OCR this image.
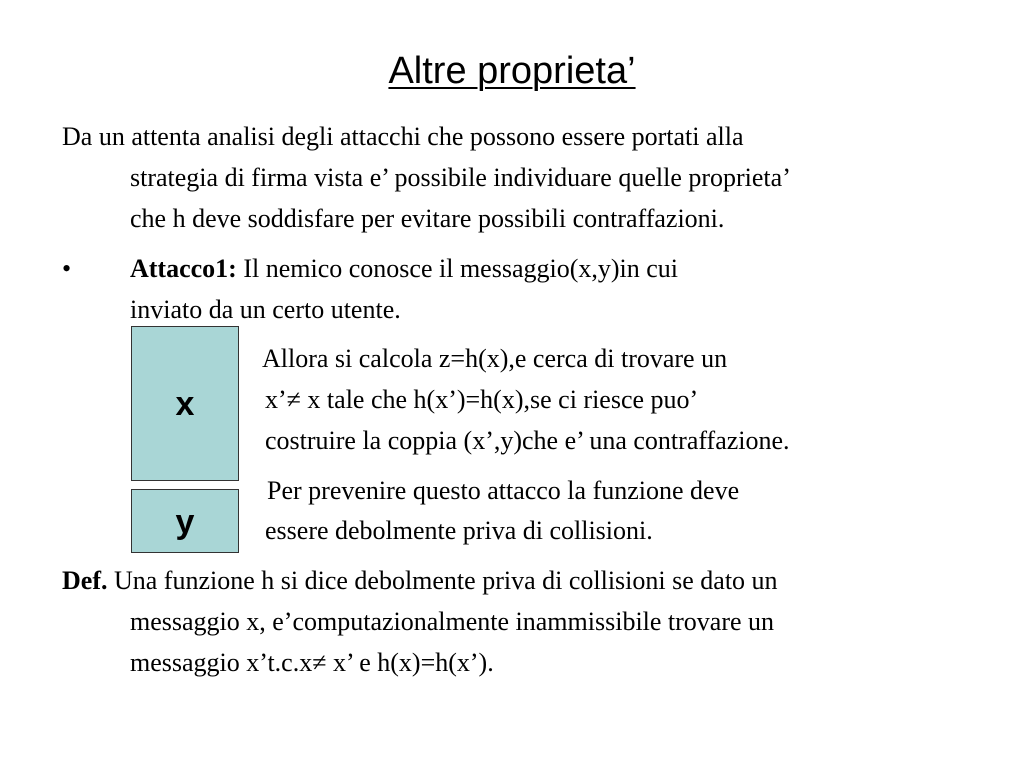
Altre proprieta’
Da un attenta analisi degli attacchi che possono essere portati alla
strategia di firma vista e’ possibile individuare quelle proprieta’
che h deve soddisfare per evitare possibili contraffazioni.
• Attacco1: Il nemico conosce il messaggio(x,y)in cui
inviato da un certo utente.
x
y
Allora si calcola z=h(x),e cerca di trovare un
x’≠ x tale che h(x’)=h(x),se ci riesce puo’
costruire la coppia (x’,y)che e’ una contraffazione.
Per prevenire questo attacco la funzione deve
essere debolmente priva di collisioni.
Def. Una funzione h si dice debolmente priva di collisioni se dato un
messaggio x, e’computazionalmente inammissibile trovare un
messaggio x’t.c.x≠ x’ e h(x)=h(x’).
